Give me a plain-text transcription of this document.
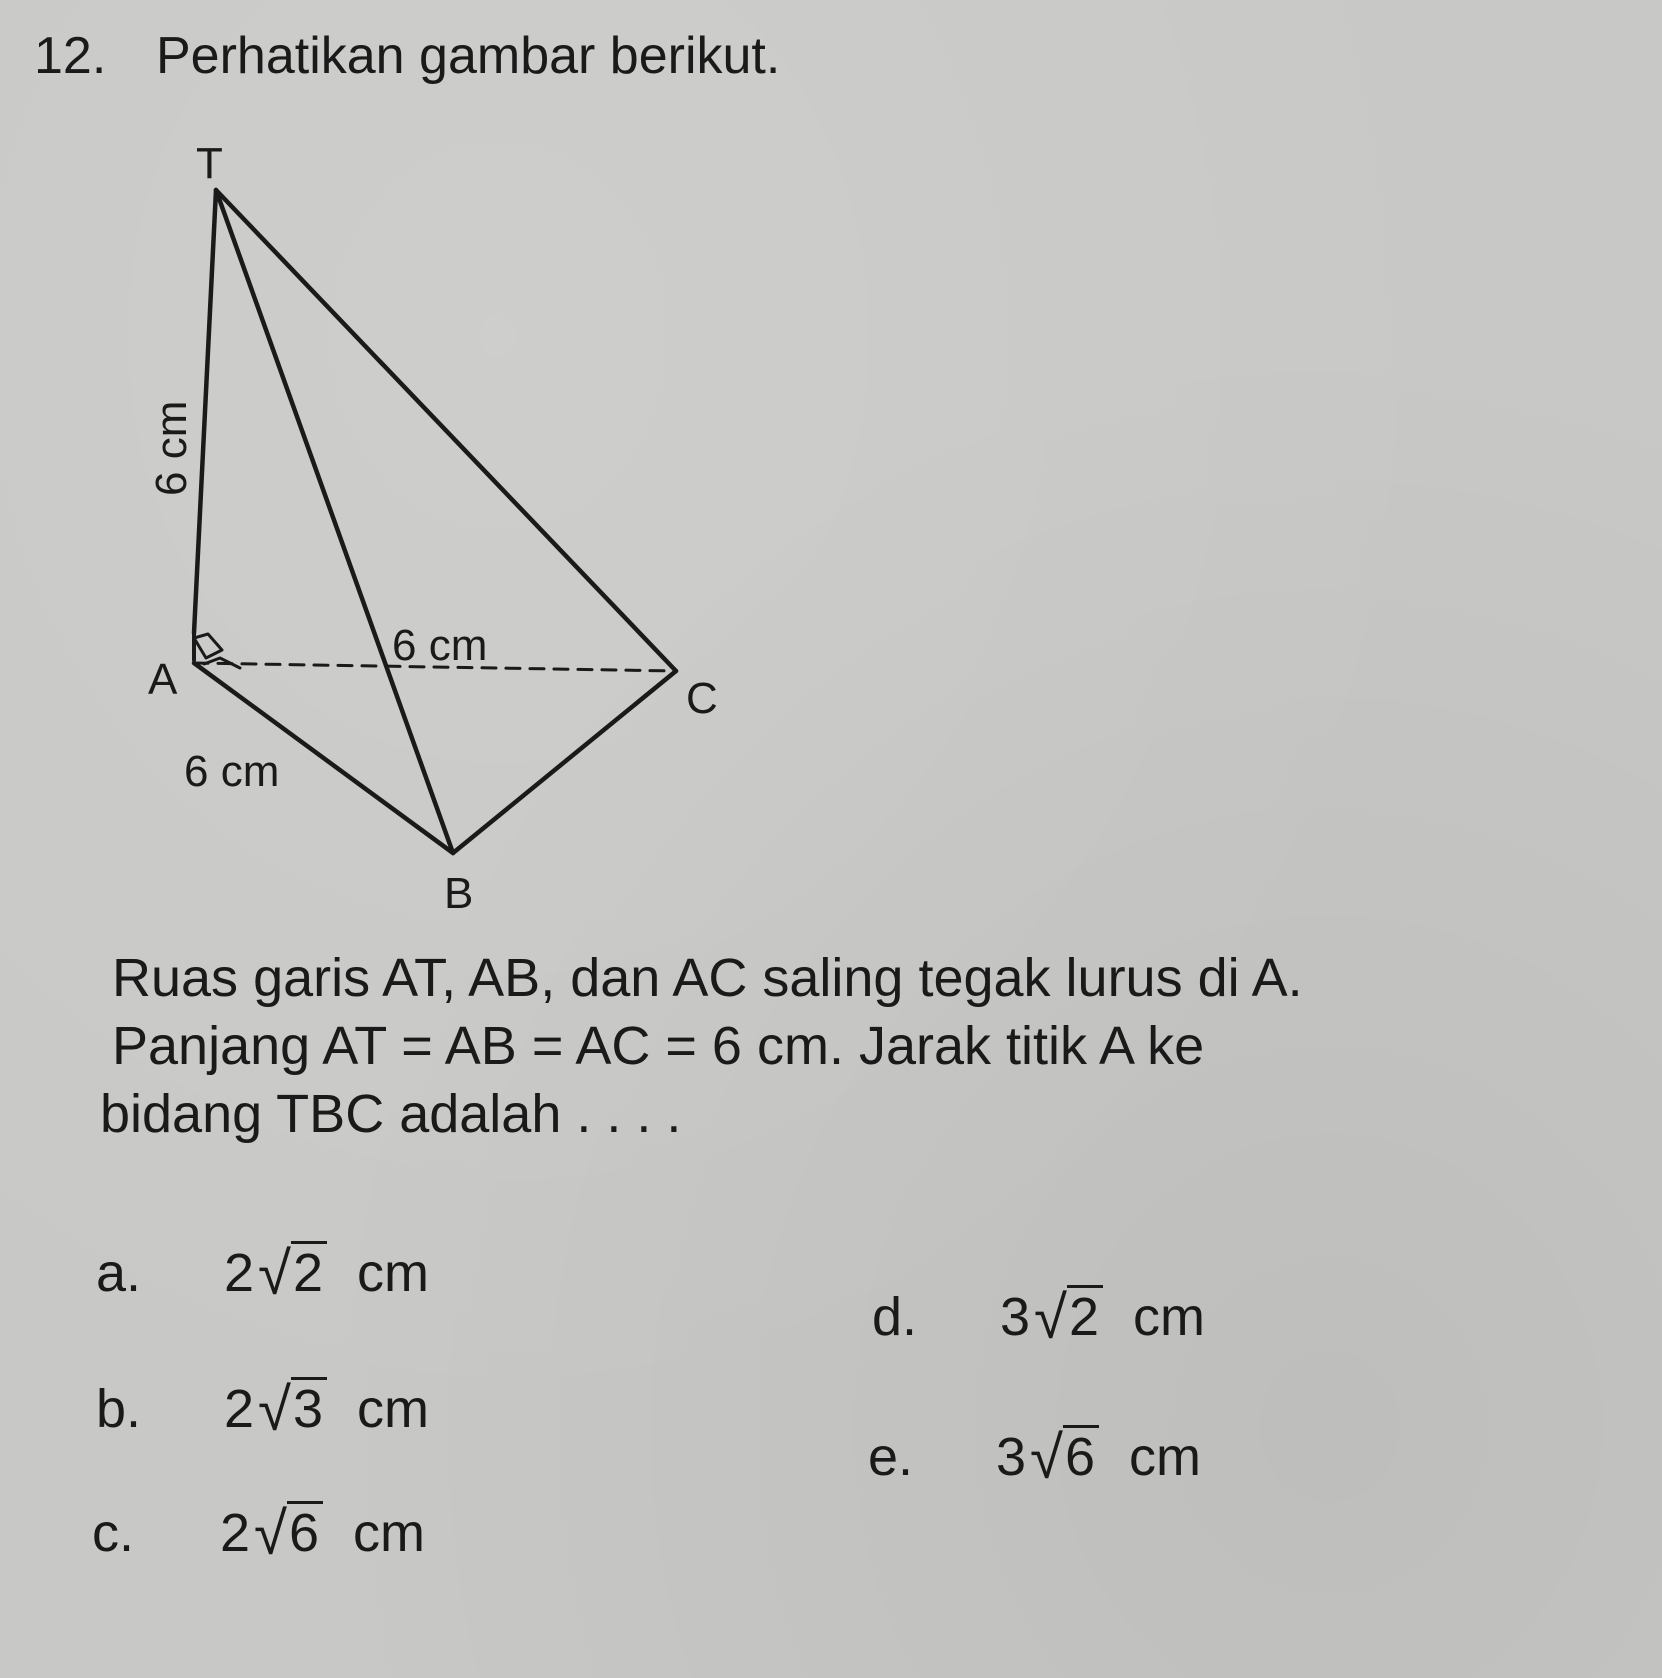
12. Perhatikan gambar berikut.
T
A	C
B
6 cm
6 cm
6 cm
Ruas garis AT, AB, dan AC saling tegak lurus di A.
Panjang AT = AB = AC = 6 cm. Jarak titik A ke
bidang TBC adalah . . . .
a.	2 √ 2 cm
b.	2 √ 3 cm
c.	2 √ 6 cm
d.	3 √ 2 cm
e.	3 √ 6 cm
